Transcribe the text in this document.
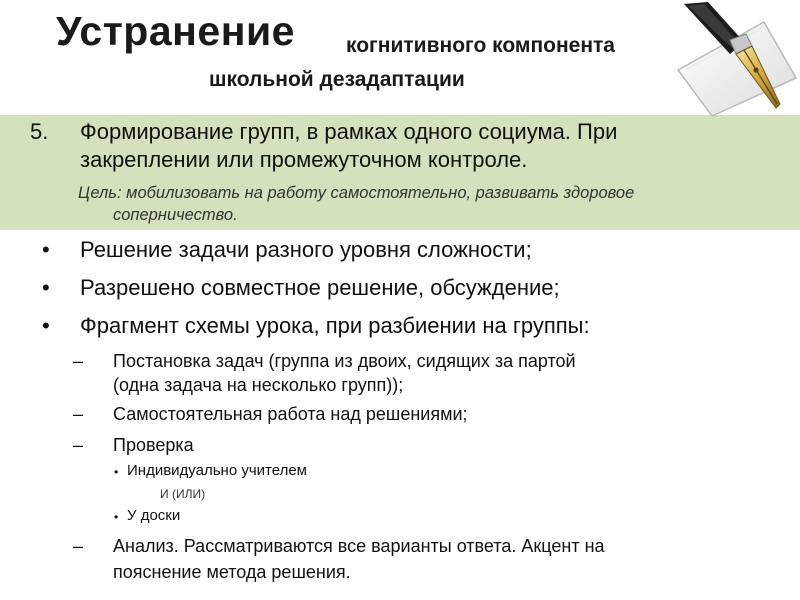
Устранение когнитивного компонента
школьной дезадаптации
5. Формирование групп, в рамках одного социума. При
закреплении или промежуточном контроле.
Цель: мобилизовать на работу самостоятельно, развивать здоровое
соперничество.
• Решение задачи разного уровня сложности;
• Разрешено совместное решение, обсуждение;
• Фрагмент схемы урока, при разбиении на группы:
– Постановка задач (группа из двоих, сидящих за партой
(одна задача на несколько групп));
– Самостоятельная работа над решениями;
– Проверка
• Индивидуально учителем
И (ИЛИ)
• У доски
– Анализ. Рассматриваются все варианты ответа. Акцент на
пояснение метода решения.
